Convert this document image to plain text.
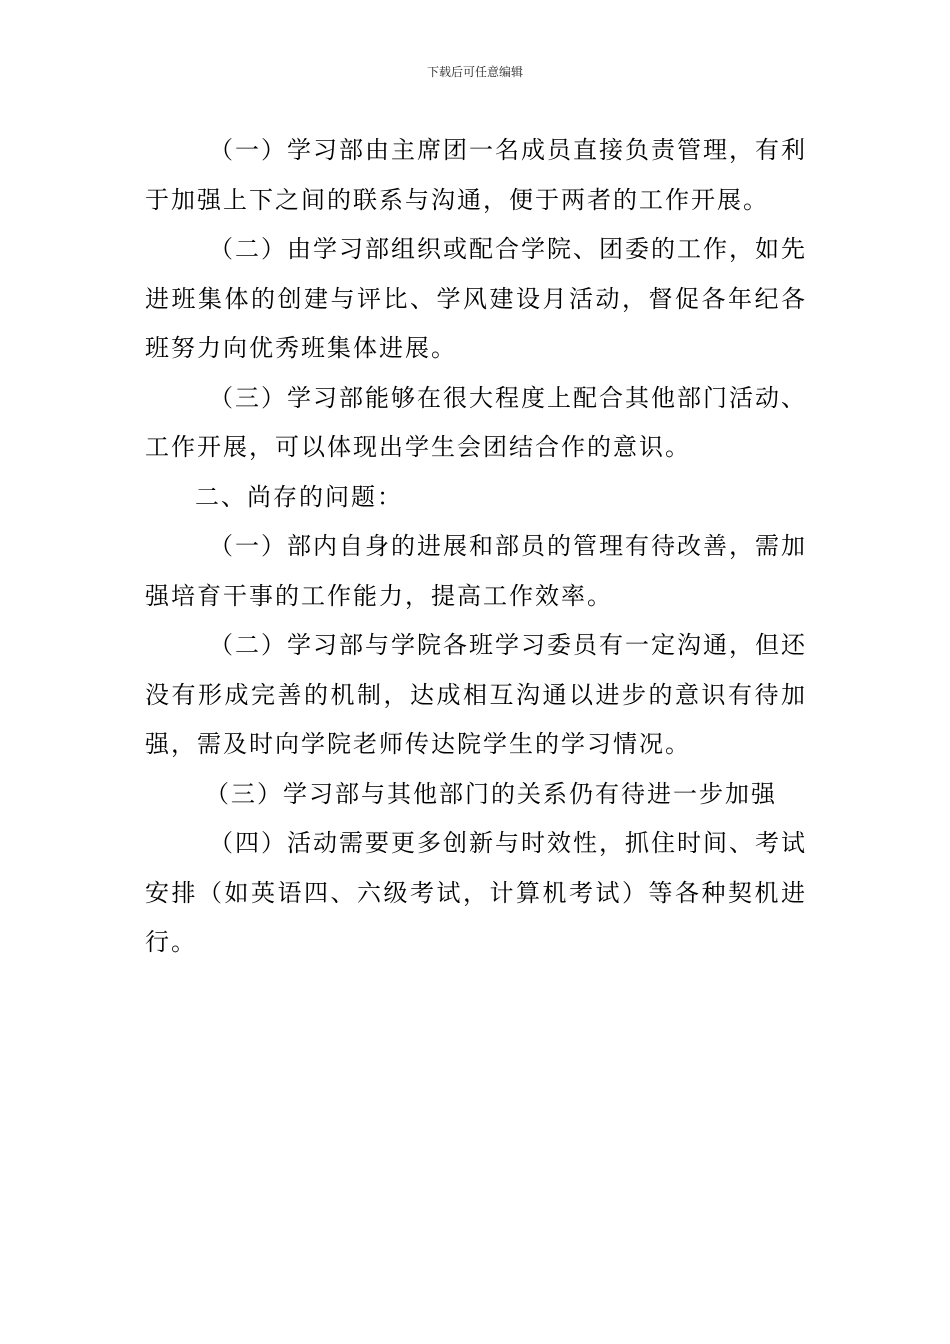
下载后可任意编辑

（一）学习部由主席团一名成员直接负责管理，有利于加强上下之间的联系与沟通，便于两者的工作开展。

（二）由学习部组织或配合学院、团委的工作，如先进班集体的创建与评比、学风建设月活动，督促各年纪各班努力向优秀班集体进展。

（三）学习部能够在很大程度上配合其他部门活动、工作开展，可以体现出学生会团结合作的意识。

二、尚存的问题：

（一）部内自身的进展和部员的管理有待改善，需加强培育干事的工作能力，提高工作效率。

（二）学习部与学院各班学习委员有一定沟通，但还没有形成完善的机制，达成相互沟通以进步的意识有待加强，需及时向学院老师传达院学生的学习情况。

（三）学习部与其他部门的关系仍有待进一步加强

（四）活动需要更多创新与时效性，抓住时间、考试安排（如英语四、六级考试，计算机考试）等各种契机进行。
